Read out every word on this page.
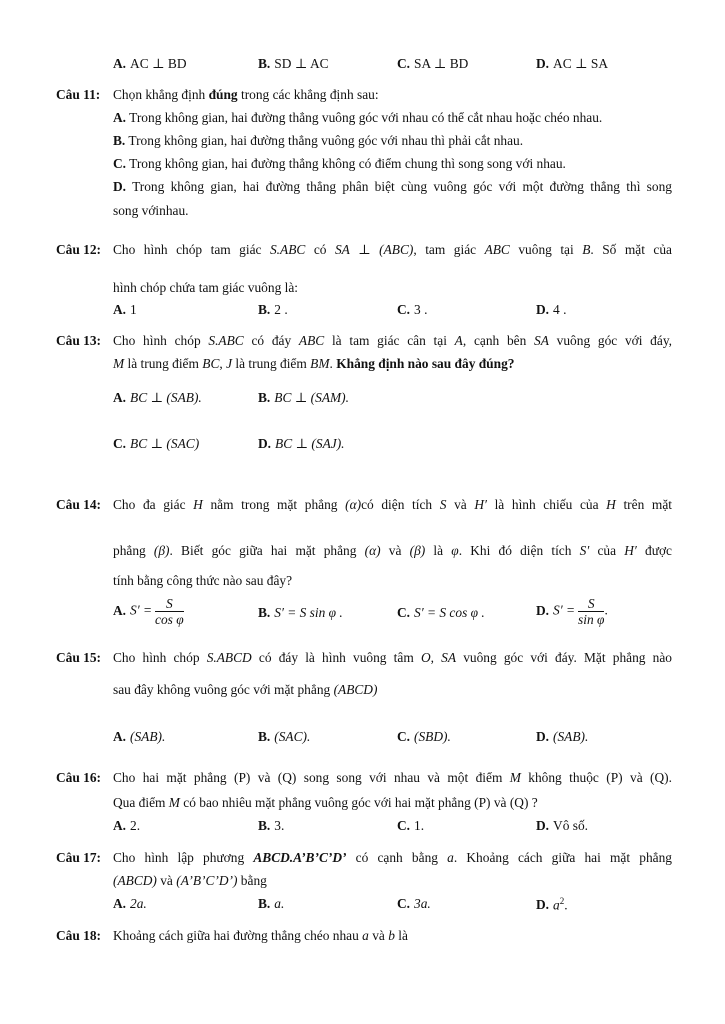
A. AC ⊥ BD	B. SD ⊥ AC	C. SA ⊥ BD	D. AC ⊥ SA
Câu 11: Chọn khẳng định đúng trong các khẳng định sau:
A. Trong không gian, hai đường thẳng vuông góc với nhau có thể cắt nhau hoặc chéo nhau.
B. Trong không gian, hai đường thẳng vuông góc với nhau thì phải cắt nhau.
C. Trong không gian, hai đường thẳng không có điểm chung thì song song với nhau.
D. Trong không gian, hai đường thẳng phân biệt cùng vuông góc với một đường thẳng thì song
song vớinhau.
Câu 12: Cho hình chóp tam giác S.ABC có SA ⊥ (ABC), tam giác ABC vuông tại B. Số mặt của
hình chóp chứa tam giác vuông là:
A. 1	B. 2 .	C. 3 .	D. 4 .
Câu 13: Cho hình chóp S.ABC có đáy ABC là tam giác cân tại A, cạnh bên SA vuông góc với đáy,
M là trung điểm BC, J là trung điểm BM. Khẳng định nào sau đây đúng?
A. BC ⊥ (SAB).	B. BC ⊥ (SAM).
C. BC ⊥ (SAC)	D. BC ⊥ (SAJ).
Câu 14: Cho đa giác H nằm trong mặt phẳng (α)có diện tích S và H′ là hình chiếu của H trên mặt
phẳng (β). Biết góc giữa hai mặt phẳng (α) và (β) là φ. Khi đó diện tích S′ của H′ được
tính bằng công thức nào sau đây?
A. $S' = \frac{S}{\text{cos φ}}$	B. S′ = S sin φ .	C. S′ = S cos φ .	D. $S' = \frac{S}{\text{sin φ}}$ .
Câu 15: Cho hình chóp S.ABCD có đáy là hình vuông tâm O, SA vuông góc với đáy. Mặt phẳng nào
sau đây không vuông góc với mặt phẳng (ABCD)
A. (SAB).	B. (SAC).	C. (SBD).	D. (SAB).
Câu 16: Cho hai mặt phẳng (P) và (Q) song song với nhau và một điểm M không thuộc (P) và (Q).
Qua điểm M có bao nhiêu mặt phẳng vuông góc với hai mặt phẳng (P) và (Q) ?
A. 2.	B. 3.	C. 1.	D. Vô số.
Câu 17: Cho hình lập phương ABCD.A’B’C’D’ có cạnh bằng a. Khoảng cách giữa hai mặt phẳng
(ABCD) và (A’B’C’D’) bằng
A. 2a.	B. a.	C. 3a.	D. $a^2$.
Câu 18: Khoảng cách giữa hai đường thẳng chéo nhau a và b là
